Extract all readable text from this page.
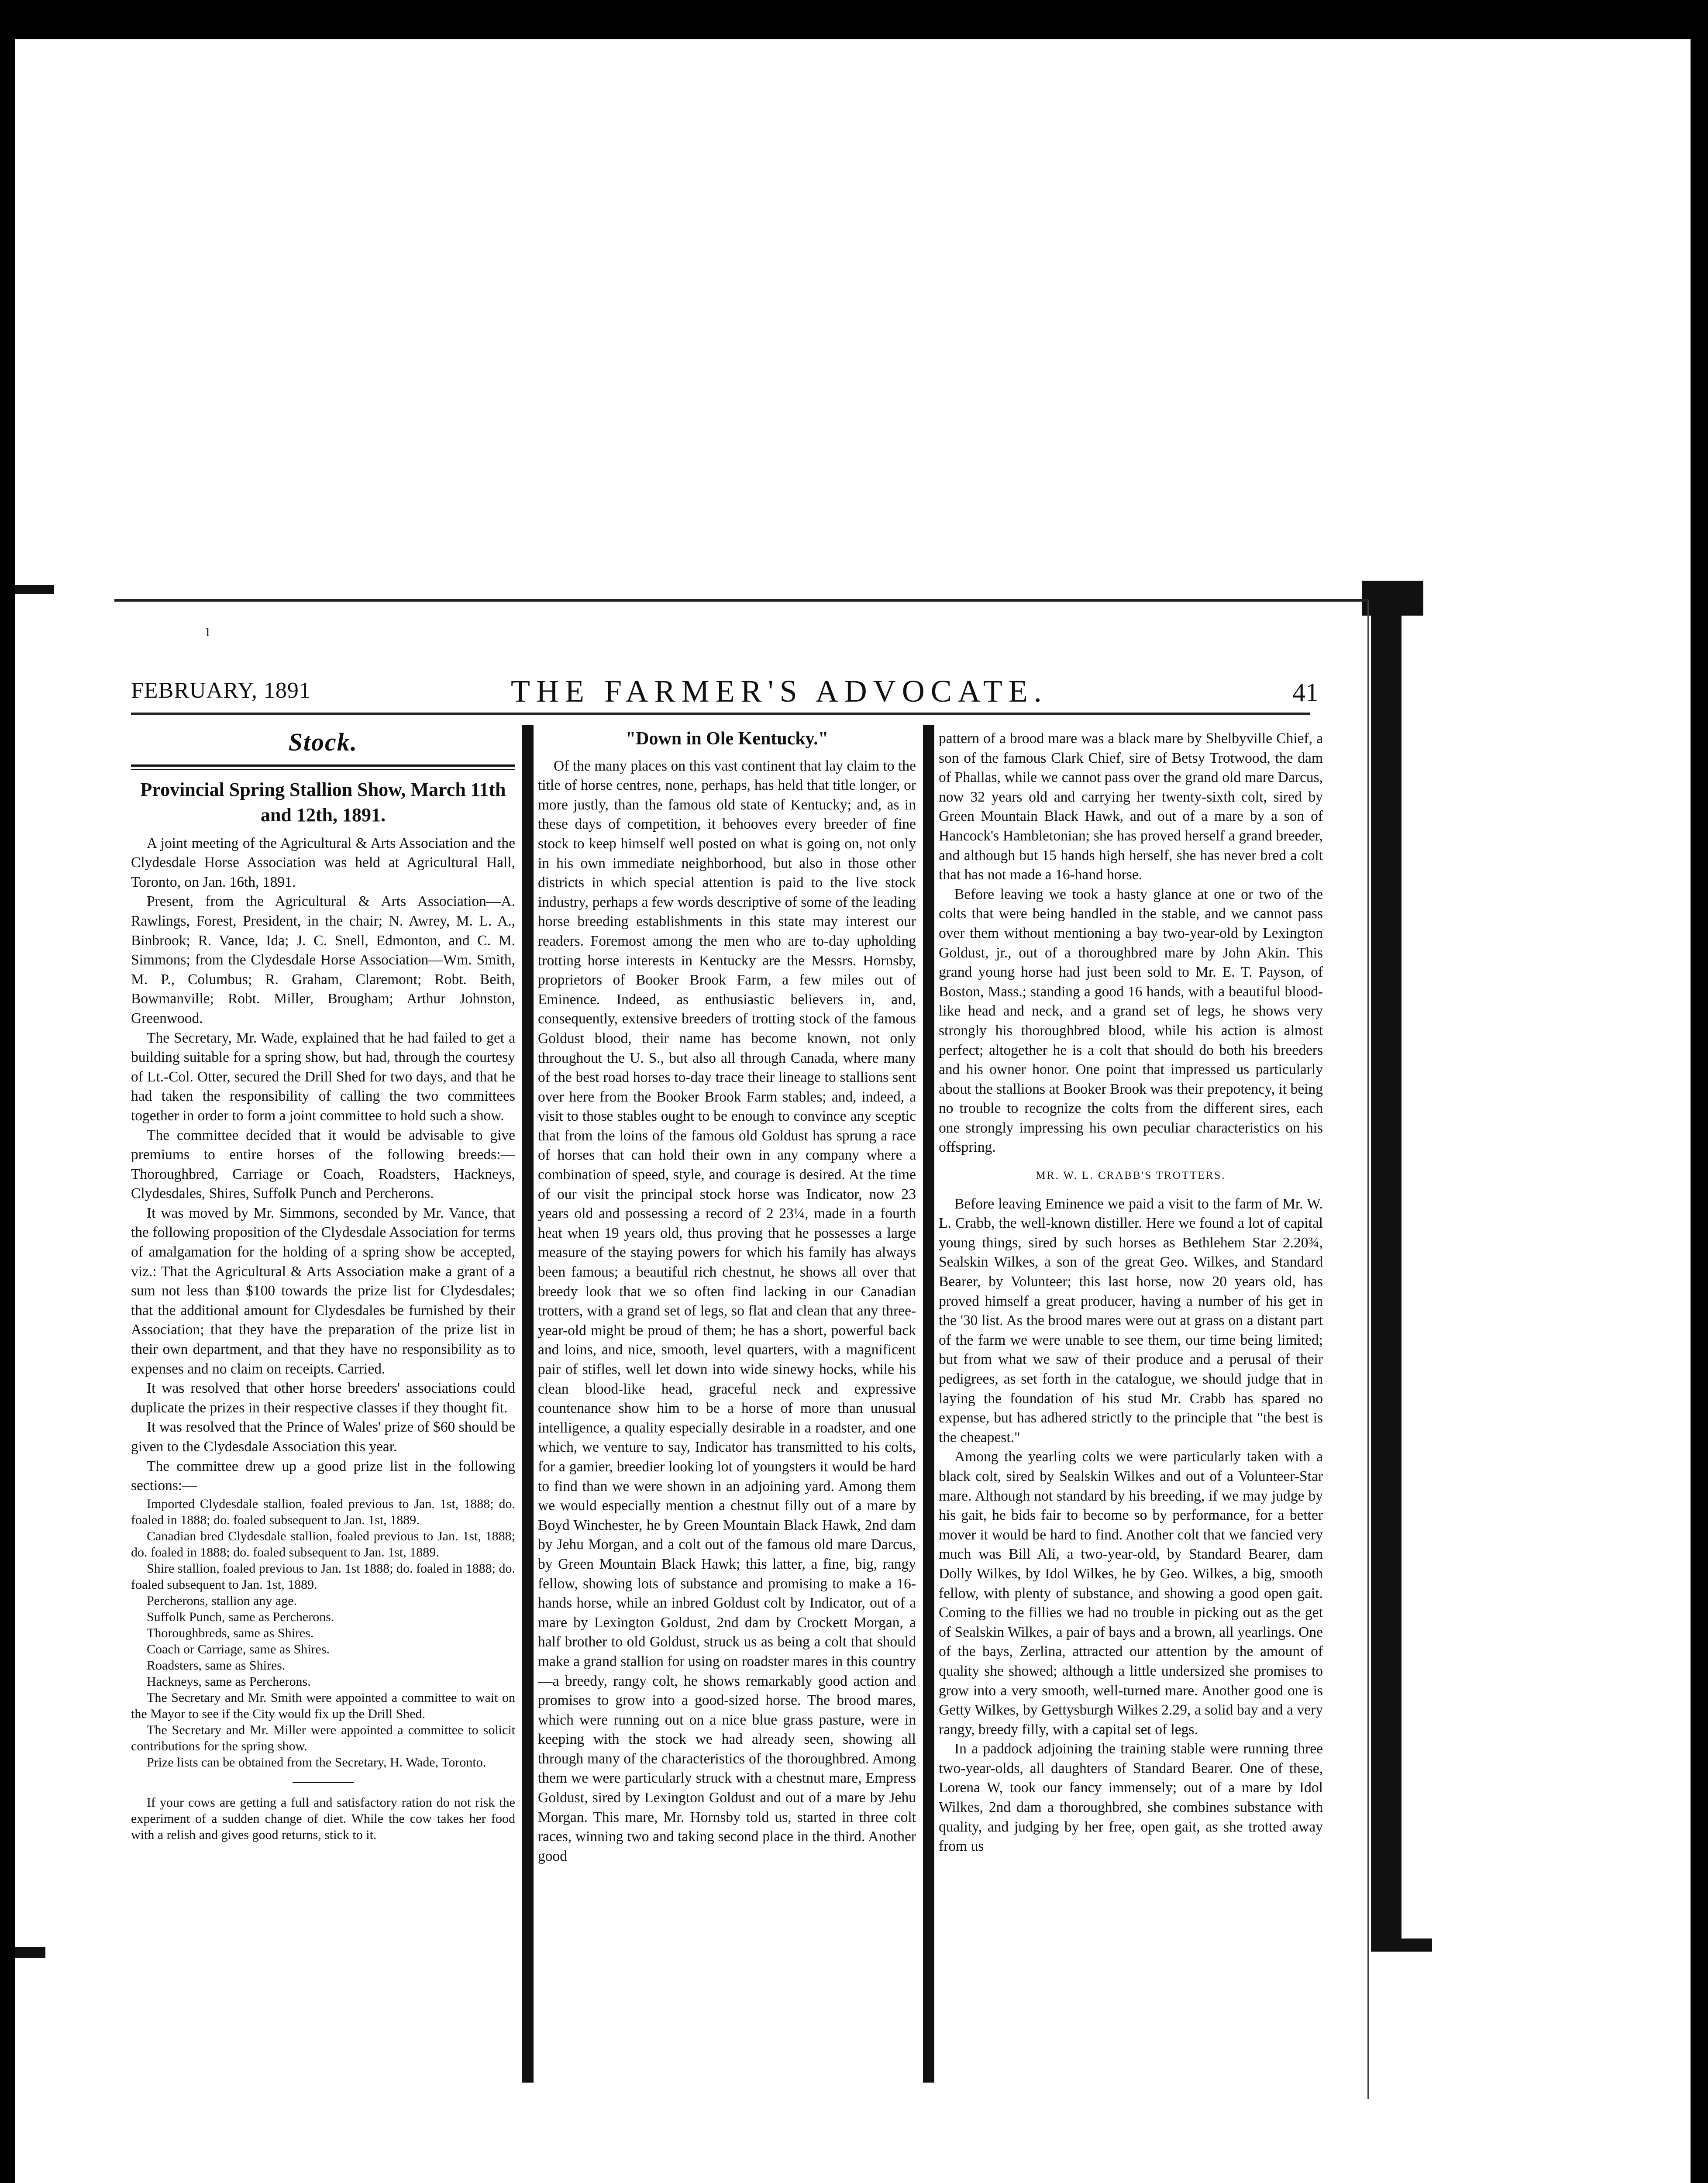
FEBRUARY, 1891	THE FARMER'S ADVOCATE.	41
Stock.
Provincial Spring Stallion Show, March 11th and 12th, 1891.

A joint meeting of the Agricultural & Arts Association and the Clydesdale Horse Association was held at Agricultural Hall, Toronto, on Jan. 16th, 1891.

Present, from the Agricultural & Arts Association—A. Rawlings, Forest, President, in the chair; N. Awrey, M. L. A., Binbrook; R. Vance, Ida; J. C. Snell, Edmonton, and C. M. Simmons; from the Clydesdale Horse Association—Wm. Smith, M. P., Columbus; R. Graham, Claremont; Robt. Beith, Bowmanville; Robt. Miller, Brougham; Arthur Johnston, Greenwood.

The Secretary, Mr. Wade, explained that he had failed to get a building suitable for a spring show, but had, through the courtesy of Lt.-Col. Otter, secured the Drill Shed for two days, and that he had taken the responsibility of calling the two committees together in order to form a joint committee to hold such a show.

The committee decided that it would be advisable to give premiums to entire horses of the following breeds:—Thoroughbred, Carriage or Coach, Roadsters, Hackneys, Clydesdales, Shires, Suffolk Punch and Percherons.

It was moved by Mr. Simmons, seconded by Mr. Vance, that the following proposition of the Clydesdale Association for terms of amalgamation for the holding of a spring show be accepted, viz.: That the Agricultural & Arts Association make a grant of a sum not less than $100 towards the prize list for Clydesdales; that the additional amount for Clydesdales be furnished by their Association; that they have the preparation of the prize list in their own department, and that they have no responsibility as to expenses and no claim on receipts. Carried.

It was resolved that other horse breeders' associations could duplicate the prizes in their respective classes if they thought fit.

It was resolved that the Prince of Wales' prize of $60 should be given to the Clydesdale Association this year.

The committee drew up a good prize list in the following sections:—

Imported Clydesdale stallion, foaled previous to Jan. 1st, 1888; do. foaled in 1888; do. foaled subsequent to Jan. 1st, 1889.

Canadian bred Clydesdale stallion, foaled previous to Jan. 1st, 1888; do. foaled in 1888; do. foaled subsequent to Jan. 1st, 1889.

Shire stallion, foaled previous to Jan. 1st 1888; do. foaled in 1888; do. foaled subsequent to Jan. 1st, 1889.

Percherons, stallion any age.

Suffolk Punch, same as Percherons.

Thoroughbreds, same as Shires.

Coach or Carriage, same as Shires.

Roadsters, same as Shires.

Hackneys, same as Percherons.

The Secretary and Mr. Smith were appointed a committee to wait on the Mayor to see if the City would fix up the Drill Shed.

The Secretary and Mr. Miller were appointed a committee to solicit contributions for the spring show.

Prize lists can be obtained from the Secretary, H. Wade, Toronto.

If your cows are getting a full and satisfactory ration do not risk the experiment of a sudden change of diet. While the cow takes her food with a relish and gives good returns, stick to it.

"Down in Ole Kentucky."

Of the many places on this vast continent that lay claim to the title of horse centres, none, perhaps, has held that title longer, or more justly, than the famous old state of Kentucky; and, as in these days of competition, it behooves every breeder of fine stock to keep himself well posted on what is going on, not only in his own immediate neighborhood, but also in those other districts in which special attention is paid to the live stock industry, perhaps a few words descriptive of some of the leading horse breeding establishments in this state may interest our readers. Foremost among the men who are to-day upholding trotting horse interests in Kentucky are the Messrs. Hornsby, proprietors of Booker Brook Farm, a few miles out of Eminence. Indeed, as enthusiastic believers in, and, consequently, extensive breeders of trotting stock of the famous Goldust blood, their name has become known, not only throughout the U. S., but also all through Canada, where many of the best road horses to-day trace their lineage to stallions sent over here from the Booker Brook Farm stables; and, indeed, a visit to those stables ought to be enough to convince any sceptic that from the loins of the famous old Goldust has sprung a race of horses that can hold their own in any company where a combination of speed, style, and courage is desired. At the time of our visit the principal stock horse was Indicator, now 23 years old and possessing a record of 2 23¼, made in a fourth heat when 19 years old, thus proving that he possesses a large measure of the staying powers for which his family has always been famous; a beautiful rich chestnut, he shows all over that breedy look that we so often find lacking in our Canadian trotters, with a grand set of legs, so flat and clean that any three-year-old might be proud of them; he has a short, powerful back and loins, and nice, smooth, level quarters, with a magnificent pair of stifles, well let down into wide sinewy hocks, while his clean blood-like head, graceful neck and expressive countenance show him to be a horse of more than unusual intelligence, a quality especially desirable in a roadster, and one which, we venture to say, Indicator has transmitted to his colts, for a gamier, breedier looking lot of youngsters it would be hard to find than we were shown in an adjoining yard. Among them we would especially mention a chestnut filly out of a mare by Boyd Winchester, he by Green Mountain Black Hawk, 2nd dam by Jehu Morgan, and a colt out of the famous old mare Darcus, by Green Mountain Black Hawk; this latter, a fine, big, rangy fellow, showing lots of substance and promising to make a 16-hands horse, while an inbred Goldust colt by Indicator, out of a mare by Lexington Goldust, 2nd dam by Crockett Morgan, a half brother to old Goldust, struck us as being a colt that should make a grand stallion for using on roadster mares in this country—a breedy, rangy colt, he shows remarkably good action and promises to grow into a good-sized horse. The brood mares, which were running out on a nice blue grass pasture, were in keeping with the stock we had already seen, showing all through many of the characteristics of the thoroughbred. Among them we were particularly struck with a chestnut mare, Empress Goldust, sired by Lexington Goldust and out of a mare by Jehu Morgan. This mare, Mr. Hornsby told us, started in three colt races, winning two and taking second place in the third. Another good

pattern of a brood mare was a black mare by Shelbyville Chief, a son of the famous Clark Chief, sire of Betsy Trotwood, the dam of Phallas, while we cannot pass over the grand old mare Darcus, now 32 years old and carrying her twenty-sixth colt, sired by Green Mountain Black Hawk, and out of a mare by a son of Hancock's Hambletonian; she has proved herself a grand breeder, and although but 15 hands high herself, she has never bred a colt that has not made a 16-hand horse.

Before leaving we took a hasty glance at one or two of the colts that were being handled in the stable, and we cannot pass over them without mentioning a bay two-year-old by Lexington Goldust, jr., out of a thoroughbred mare by John Akin. This grand young horse had just been sold to Mr. E. T. Payson, of Boston, Mass.; standing a good 16 hands, with a beautiful blood-like head and neck, and a grand set of legs, he shows very strongly his thoroughbred blood, while his action is almost perfect; altogether he is a colt that should do both his breeders and his owner honor. One point that impressed us particularly about the stallions at Booker Brook was their prepotency, it being no trouble to recognize the colts from the different sires, each one strongly impressing his own peculiar characteristics on his offspring.

MR. W. L. CRABB'S TROTTERS.

Before leaving Eminence we paid a visit to the farm of Mr. W. L. Crabb, the well-known distiller. Here we found a lot of capital young things, sired by such horses as Bethlehem Star 2.20¾, Sealskin Wilkes, a son of the great Geo. Wilkes, and Standard Bearer, by Volunteer; this last horse, now 20 years old, has proved himself a great producer, having a number of his get in the '30 list. As the brood mares were out at grass on a distant part of the farm we were unable to see them, our time being limited; but from what we saw of their produce and a perusal of their pedigrees, as set forth in the catalogue, we should judge that in laying the foundation of his stud Mr. Crabb has spared no expense, but has adhered strictly to the principle that "the best is the cheapest."

Among the yearling colts we were particularly taken with a black colt, sired by Sealskin Wilkes and out of a Volunteer-Star mare. Although not standard by his breeding, if we may judge by his gait, he bids fair to become so by performance, for a better mover it would be hard to find. Another colt that we fancied very much was Bill Ali, a two-year-old, by Standard Bearer, dam Dolly Wilkes, by Idol Wilkes, he by Geo. Wilkes, a big, smooth fellow, with plenty of substance, and showing a good open gait. Coming to the fillies we had no trouble in picking out as the get of Sealskin Wilkes, a pair of bays and a brown, all yearlings. One of the bays, Zerlina, attracted our attention by the amount of quality she showed; although a little undersized she promises to grow into a very smooth, well-turned mare. Another good one is Getty Wilkes, by Gettysburgh Wilkes 2.29, a solid bay and a very rangy, breedy filly, with a capital set of legs.

In a paddock adjoining the training stable were running three two-year-olds, all daughters of Standard Bearer. One of these, Lorena W, took our fancy immensely; out of a mare by Idol Wilkes, 2nd dam a thoroughbred, she combines substance with quality, and judging by her free, open gait, as she trotted away from us

ı
